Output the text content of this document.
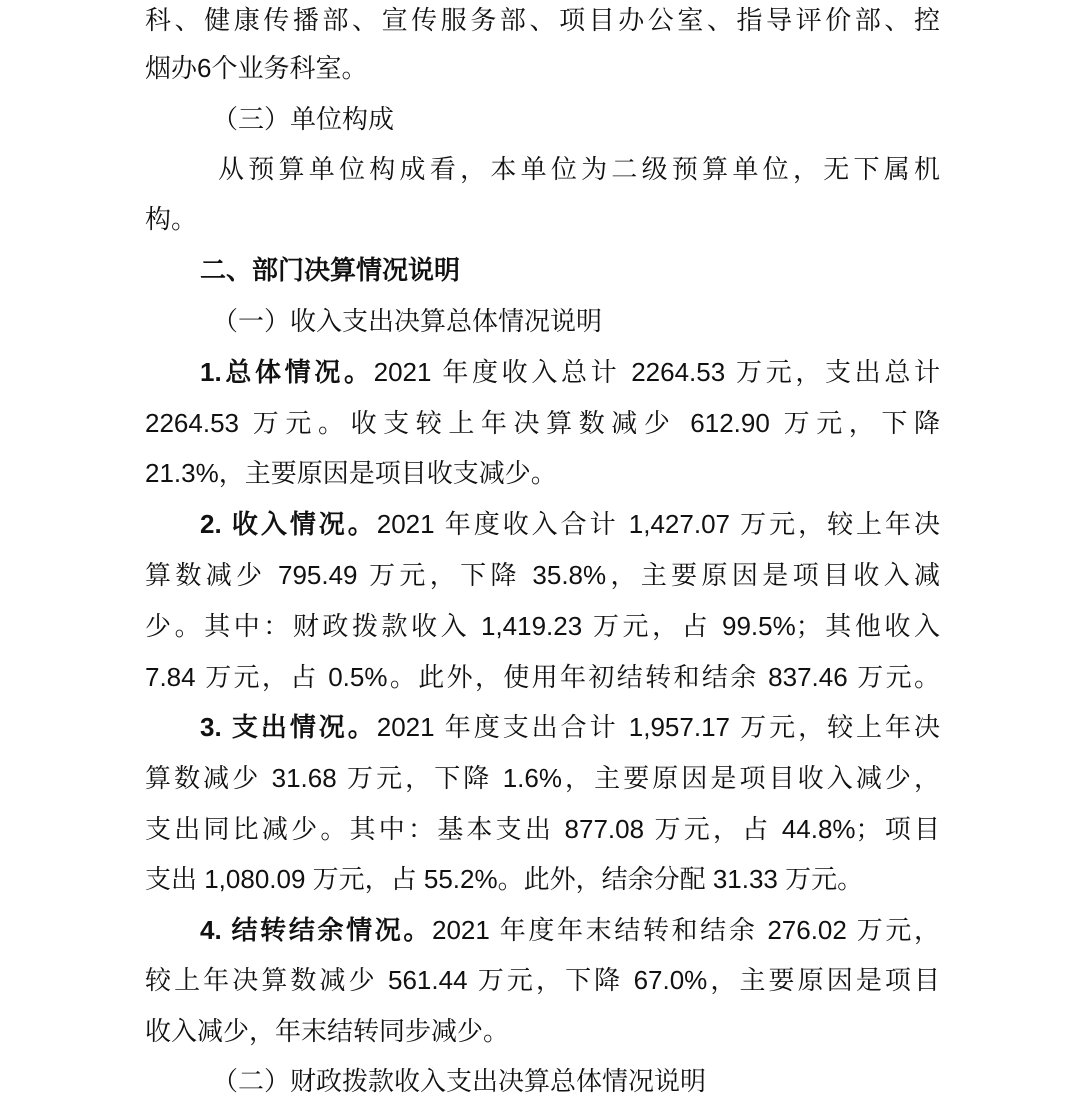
科、健康传播部、宣传服务部、项目办公室、指导评价部、控
烟办6个业务科室。
（三）单位构成
从预算单位构成看，本单位为二级预算单位，无下属机
构。
二、部门决算情况说明
（一）收入支出决算总体情况说明
1.总体情况。2021 年度收入总计 2264.53 万元，支出总计
2264.53 万元。收支较上年决算数减少 612.90 万元，下降
21.3%，主要原因是项目收支减少。
2. 收入情况。2021 年度收入合计 1,427.07 万元，较上年决
算数减少 795.49 万元，下降 35.8%，主要原因是项目收入减
少。其中：财政拨款收入 1,419.23 万元，占 99.5%；其他收入
7.84 万元，占 0.5%。此外，使用年初结转和结余 837.46 万元。
3. 支出情况。2021 年度支出合计 1,957.17 万元，较上年决
算数减少 31.68 万元，下降 1.6%，主要原因是项目收入减少，
支出同比减少。其中：基本支出 877.08 万元，占 44.8%；项目
支出 1,080.09 万元，占 55.2%。此外，结余分配 31.33 万元。
4. 结转结余情况。2021 年度年末结转和结余 276.02 万元，
较上年决算数减少 561.44 万元，下降 67.0%，主要原因是项目
收入减少，年末结转同步减少。
（二）财政拨款收入支出决算总体情况说明
